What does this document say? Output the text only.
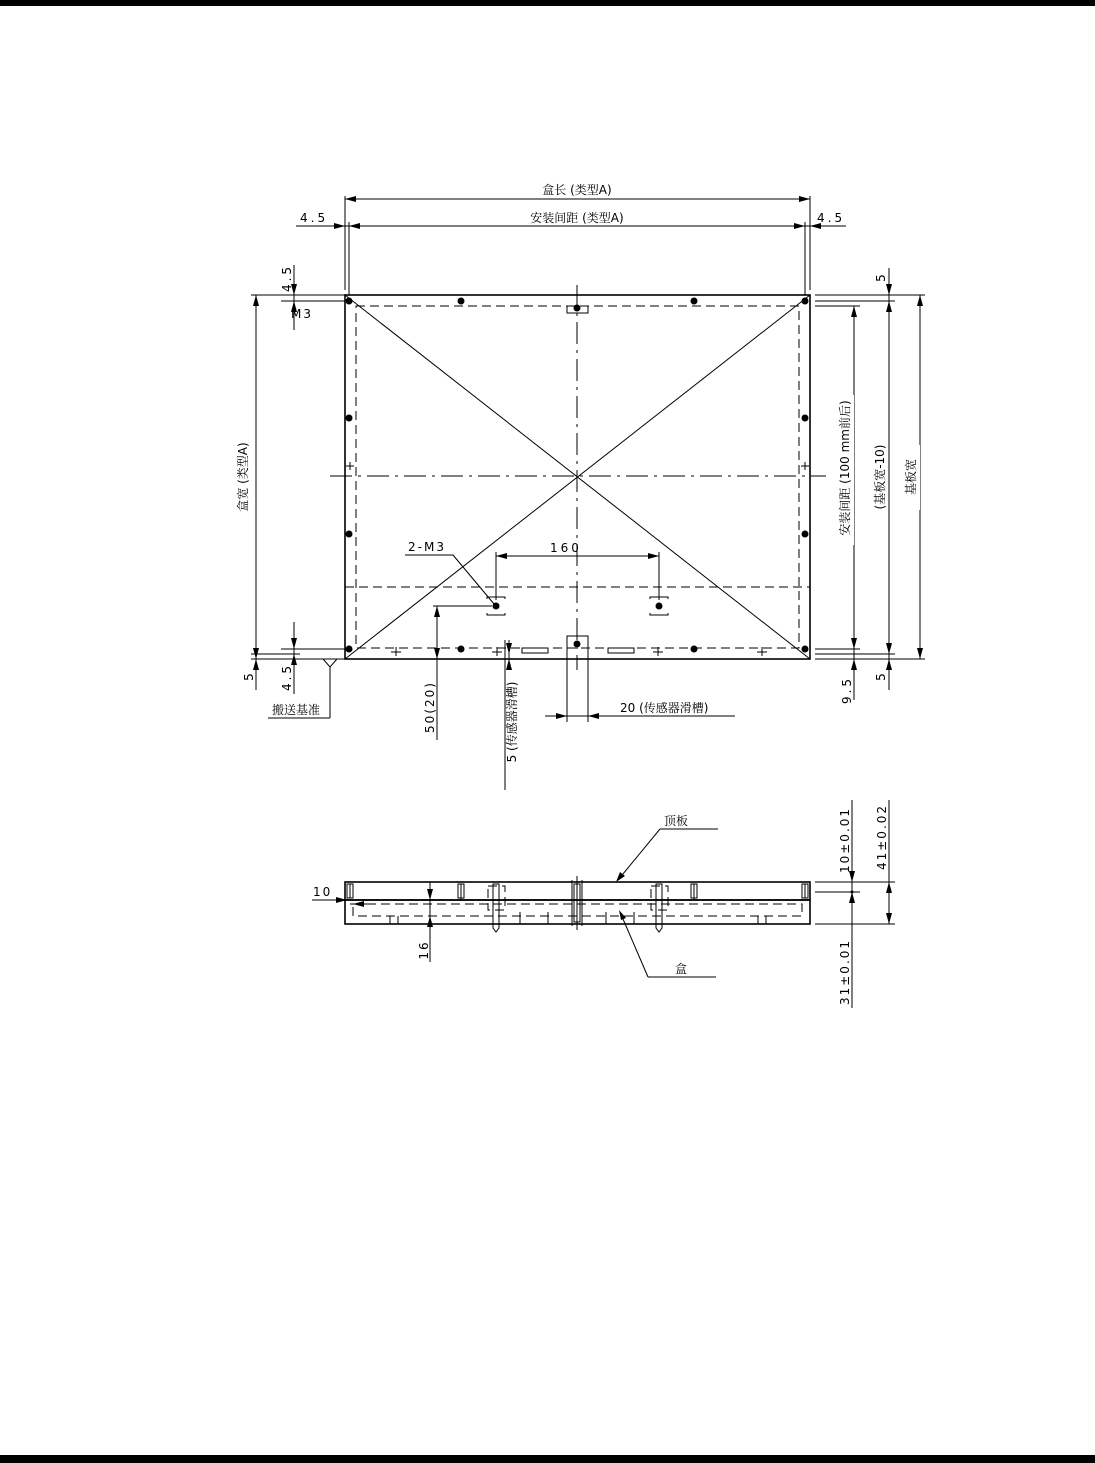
盒长 (类型A)
安装间距 (类型A)
4.5	4.5
盒宽 (类型A)
4.5
M3
5 4.5
搬送基准
2-M3	160
50(20)	5 (传感器滑槽)	20 (传感器滑槽)
安装间距 (100 mm前后)
9.5
(基板宽-10)
5
5
基板宽
10
16
顶板
盒
10±0.01
31±0.01
41±0.02
